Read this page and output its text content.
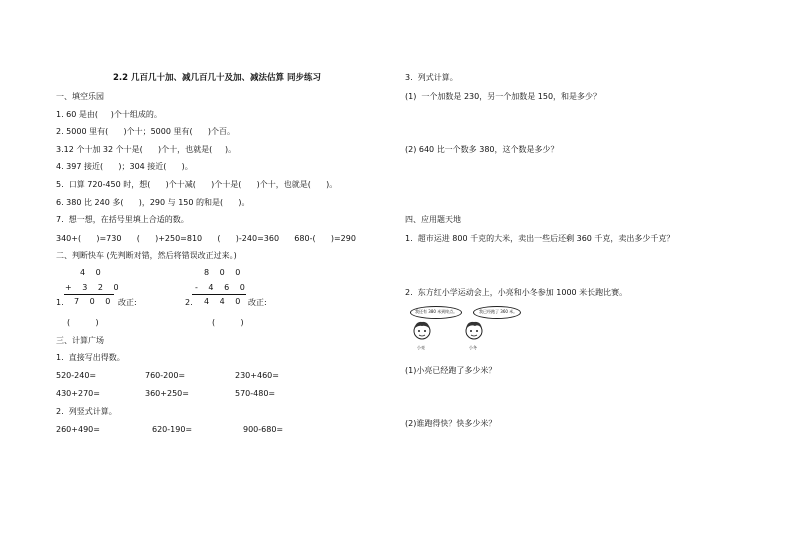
2.2 几百几十加、减几百几十及加、减法估算 同步练习
一、填空乐园
1. 60 是由(     )个十组成的。
2. 5000 里有(      )个十；5000 里有(      )个百。
3.12 个十加 32 个十是(      )个十，也就是(     )。
4. 397 接近(      )；304 接近(      )。
5.  口算 720-450 时，想(      )个十减(      )个十是(      )个十，也就是(      )。
6. 380 比 240 多(      )，290 与 150 的和是(      )。
7.  想一想，在括号里填上合适的数。
340+(      )=730      (      )+250=810      (      )-240=360      680-(      )=290
二、判断快车 (先判断对错，然后将错误改正过来。)
4 0
+ 3 2 0
1. 7 0 0 改正:
(          )
8 0 0
- 4 6 0
2. 4 4 0 改正:
(          )
三、计算广场
1.  直接写出得数。
520-240=	760-200=	230+460=
430+270=	360+250=	570-480=
2.  列竖式计算。
260+490=	620-190=	900-680=
3.  列式计算。
(1)  一个加数是 230，另一个加数是 150，和是多少？
(2) 640 比一个数多 380，这个数是多少？
四、应用题天地
1.  超市运进 800 千克的大米，卖出一些后还剩 360 千克，卖出多少千克？
2.  东方红小学运动会上，小亮和小冬参加 1000 米长跑比赛。
我还有 380 米到终点。	我已经跑了 360 米。
小亮	小冬
(1)小亮已经跑了多少米？
(2)谁跑得快？快多少米？
